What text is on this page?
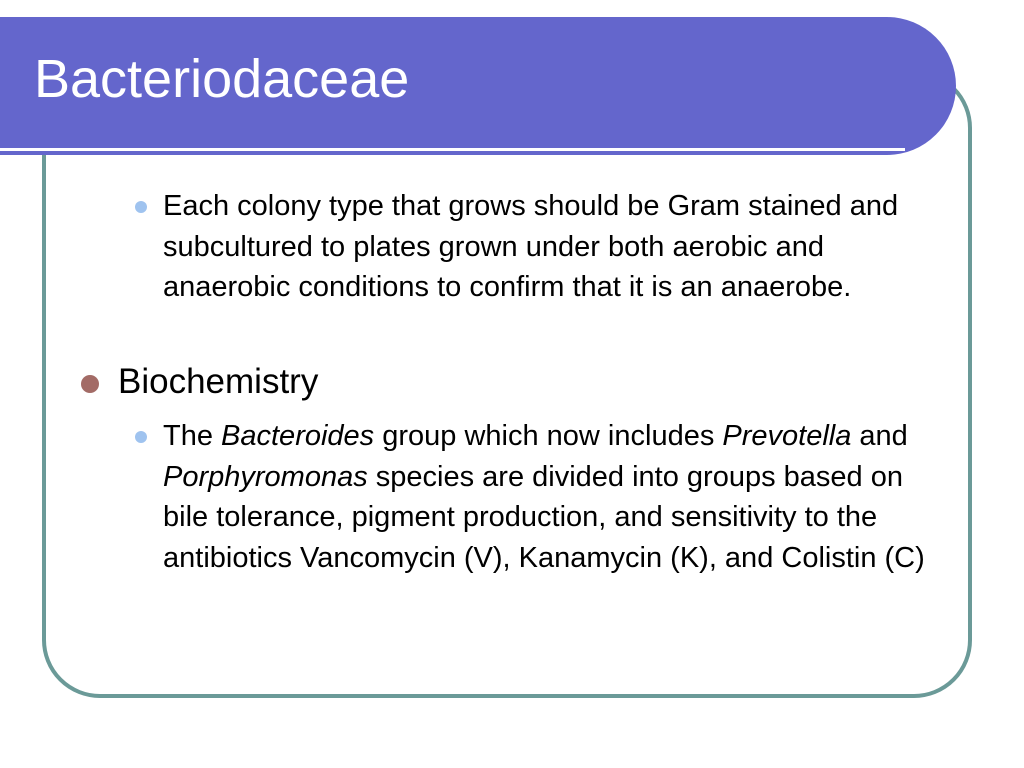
Bacteriodaceae
Each colony type that grows should be Gram stained and subcultured to plates grown under both aerobic and anaerobic conditions to confirm that it is an anaerobe.
Biochemistry
The Bacteroides group which now includes Prevotella and Porphyromonas species are divided into groups based on bile tolerance, pigment production, and sensitivity to the antibiotics Vancomycin (V), Kanamycin (K), and Colistin (C)
